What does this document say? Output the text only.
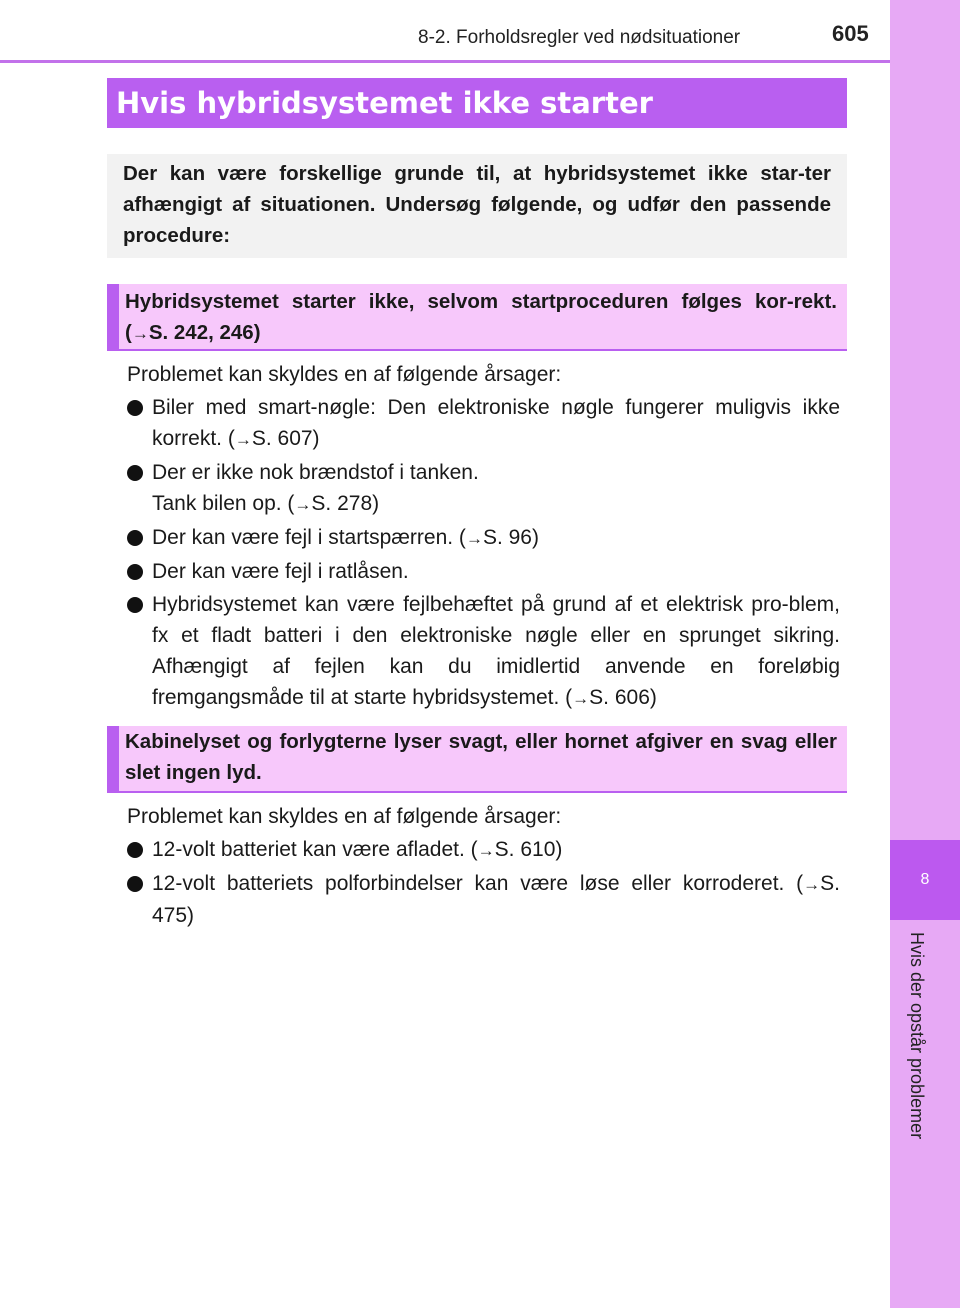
8
Hvis der opstår problemer
8-2. Forholdsregler ved nødsituationer	605
Hvis hybridsystemet ikke starter

Der kan være forskellige grunde til, at hybridsystemet ikke star-ter afhængigt af situationen. Undersøg følgende, og udfør den passende procedure:

Hybridsystemet starter ikke, selvom startproceduren følges kor-rekt. (→S. 242, 246)

Problemet kan skyldes en af følgende årsager:

Biler med smart-nøgle: Den elektroniske nøgle fungerer muligvis ikke korrekt. (→S. 607)
Der er ikke nok brændstof i tanken.
Tank bilen op. (→S. 278)
Der kan være fejl i startspærren. (→S. 96)
Der kan være fejl i ratlåsen.
Hybridsystemet kan være fejlbehæftet på grund af et elektrisk pro-blem, fx et fladt batteri i den elektroniske nøgle eller en sprunget sikring. Afhængigt af fejlen kan du imidlertid anvende en foreløbig fremgangsmåde til at starte hybridsystemet. (→S. 606)

Kabinelyset og forlygterne lyser svagt, eller hornet afgiver en svag eller slet ingen lyd.

Problemet kan skyldes en af følgende årsager:

12-volt batteriet kan være afladet. (→S. 610)
12-volt batteriets polforbindelser kan være løse eller korroderet. (→S. 475)
